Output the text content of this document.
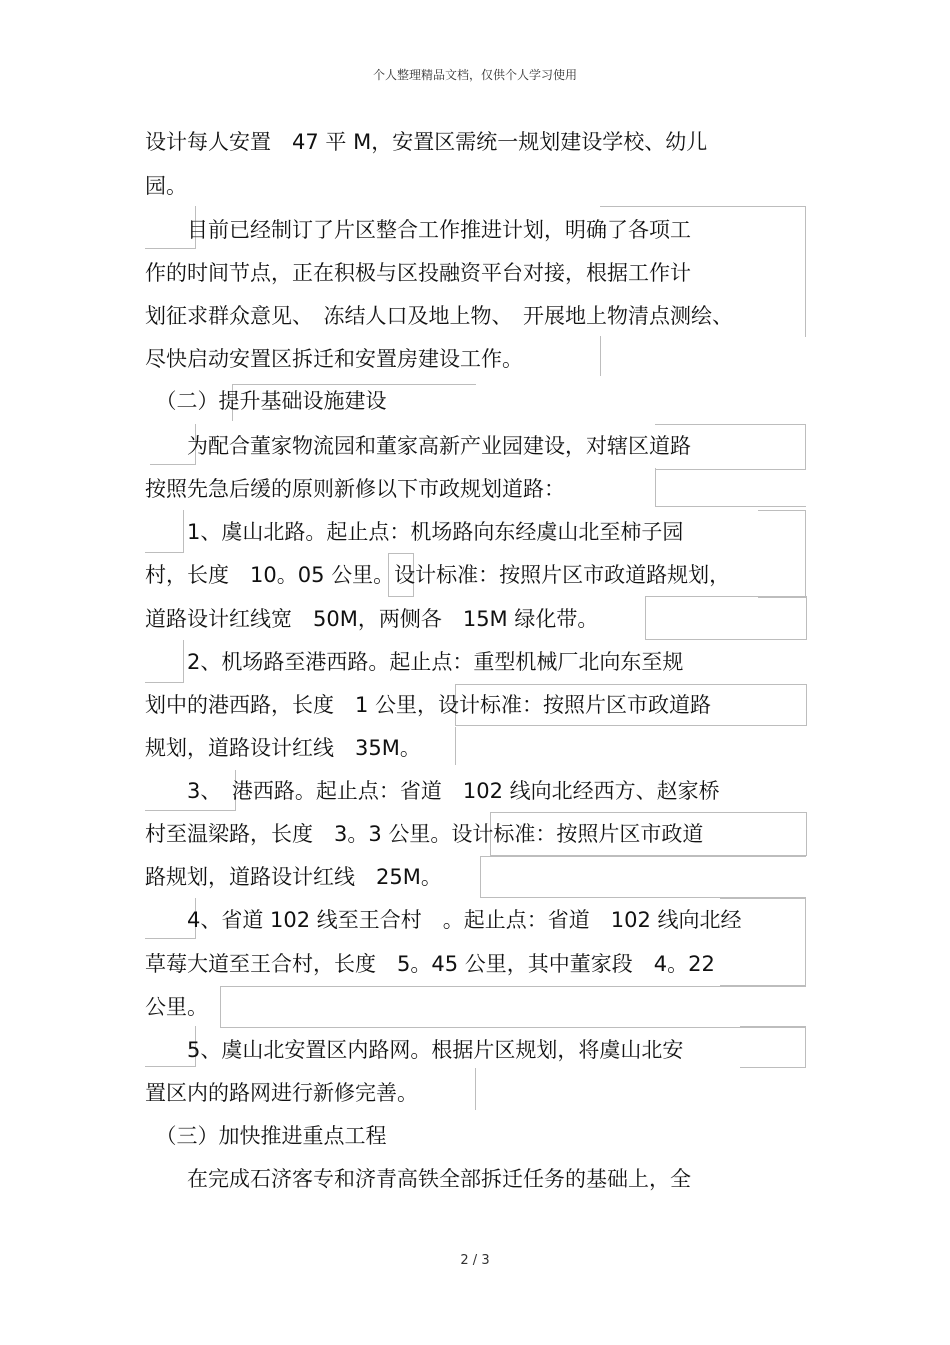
个人整理精品文档，仅供个人学习使用
设计每人安置　47 平 M，安置区需统一规划建设学校、幼儿
园。
　　目前已经制订了片区整合工作推进计划，明确了各项工
作的时间节点，正在积极与区投融资平台对接，根据工作计
划征求群众意见、　冻结人口及地上物、　开展地上物清点测绘、
尽快启动安置区拆迁和安置房建设工作。
　（二）提升基础设施建设
　　为配合董家物流园和董家高新产业园建设，对辖区道路
按照先急后缓的原则新修以下市政规划道路：
　　1、虞山北路。起止点：机场路向东经虞山北至柿子园
村，长度　10。05 公里。设计标准：按照片区市政道路规划，
道路设计红线宽　50M，两侧各　15M 绿化带。
　　2、机场路至港西路。起止点：重型机械厂北向东至规
划中的港西路，长度　1 公里，设计标准：按照片区市政道路
规划，道路设计红线　35M。
　　3、　港西路。起止点：省道　102 线向北经西方、赵家桥
村至温梁路，长度　3。3 公里。设计标准：按照片区市政道
路规划，道路设计红线　25M。
　　4、省道 102 线至王合村　。起止点：省道　102 线向北经
草莓大道至王合村，长度　5。45 公里，其中董家段　4。22
公里。
　　5、虞山北安置区内路网。根据片区规划，将虞山北安
置区内的路网进行新修完善。
　（三）加快推进重点工程
　　在完成石济客专和济青高铁全部拆迁任务的基础上，全
2 / 3
